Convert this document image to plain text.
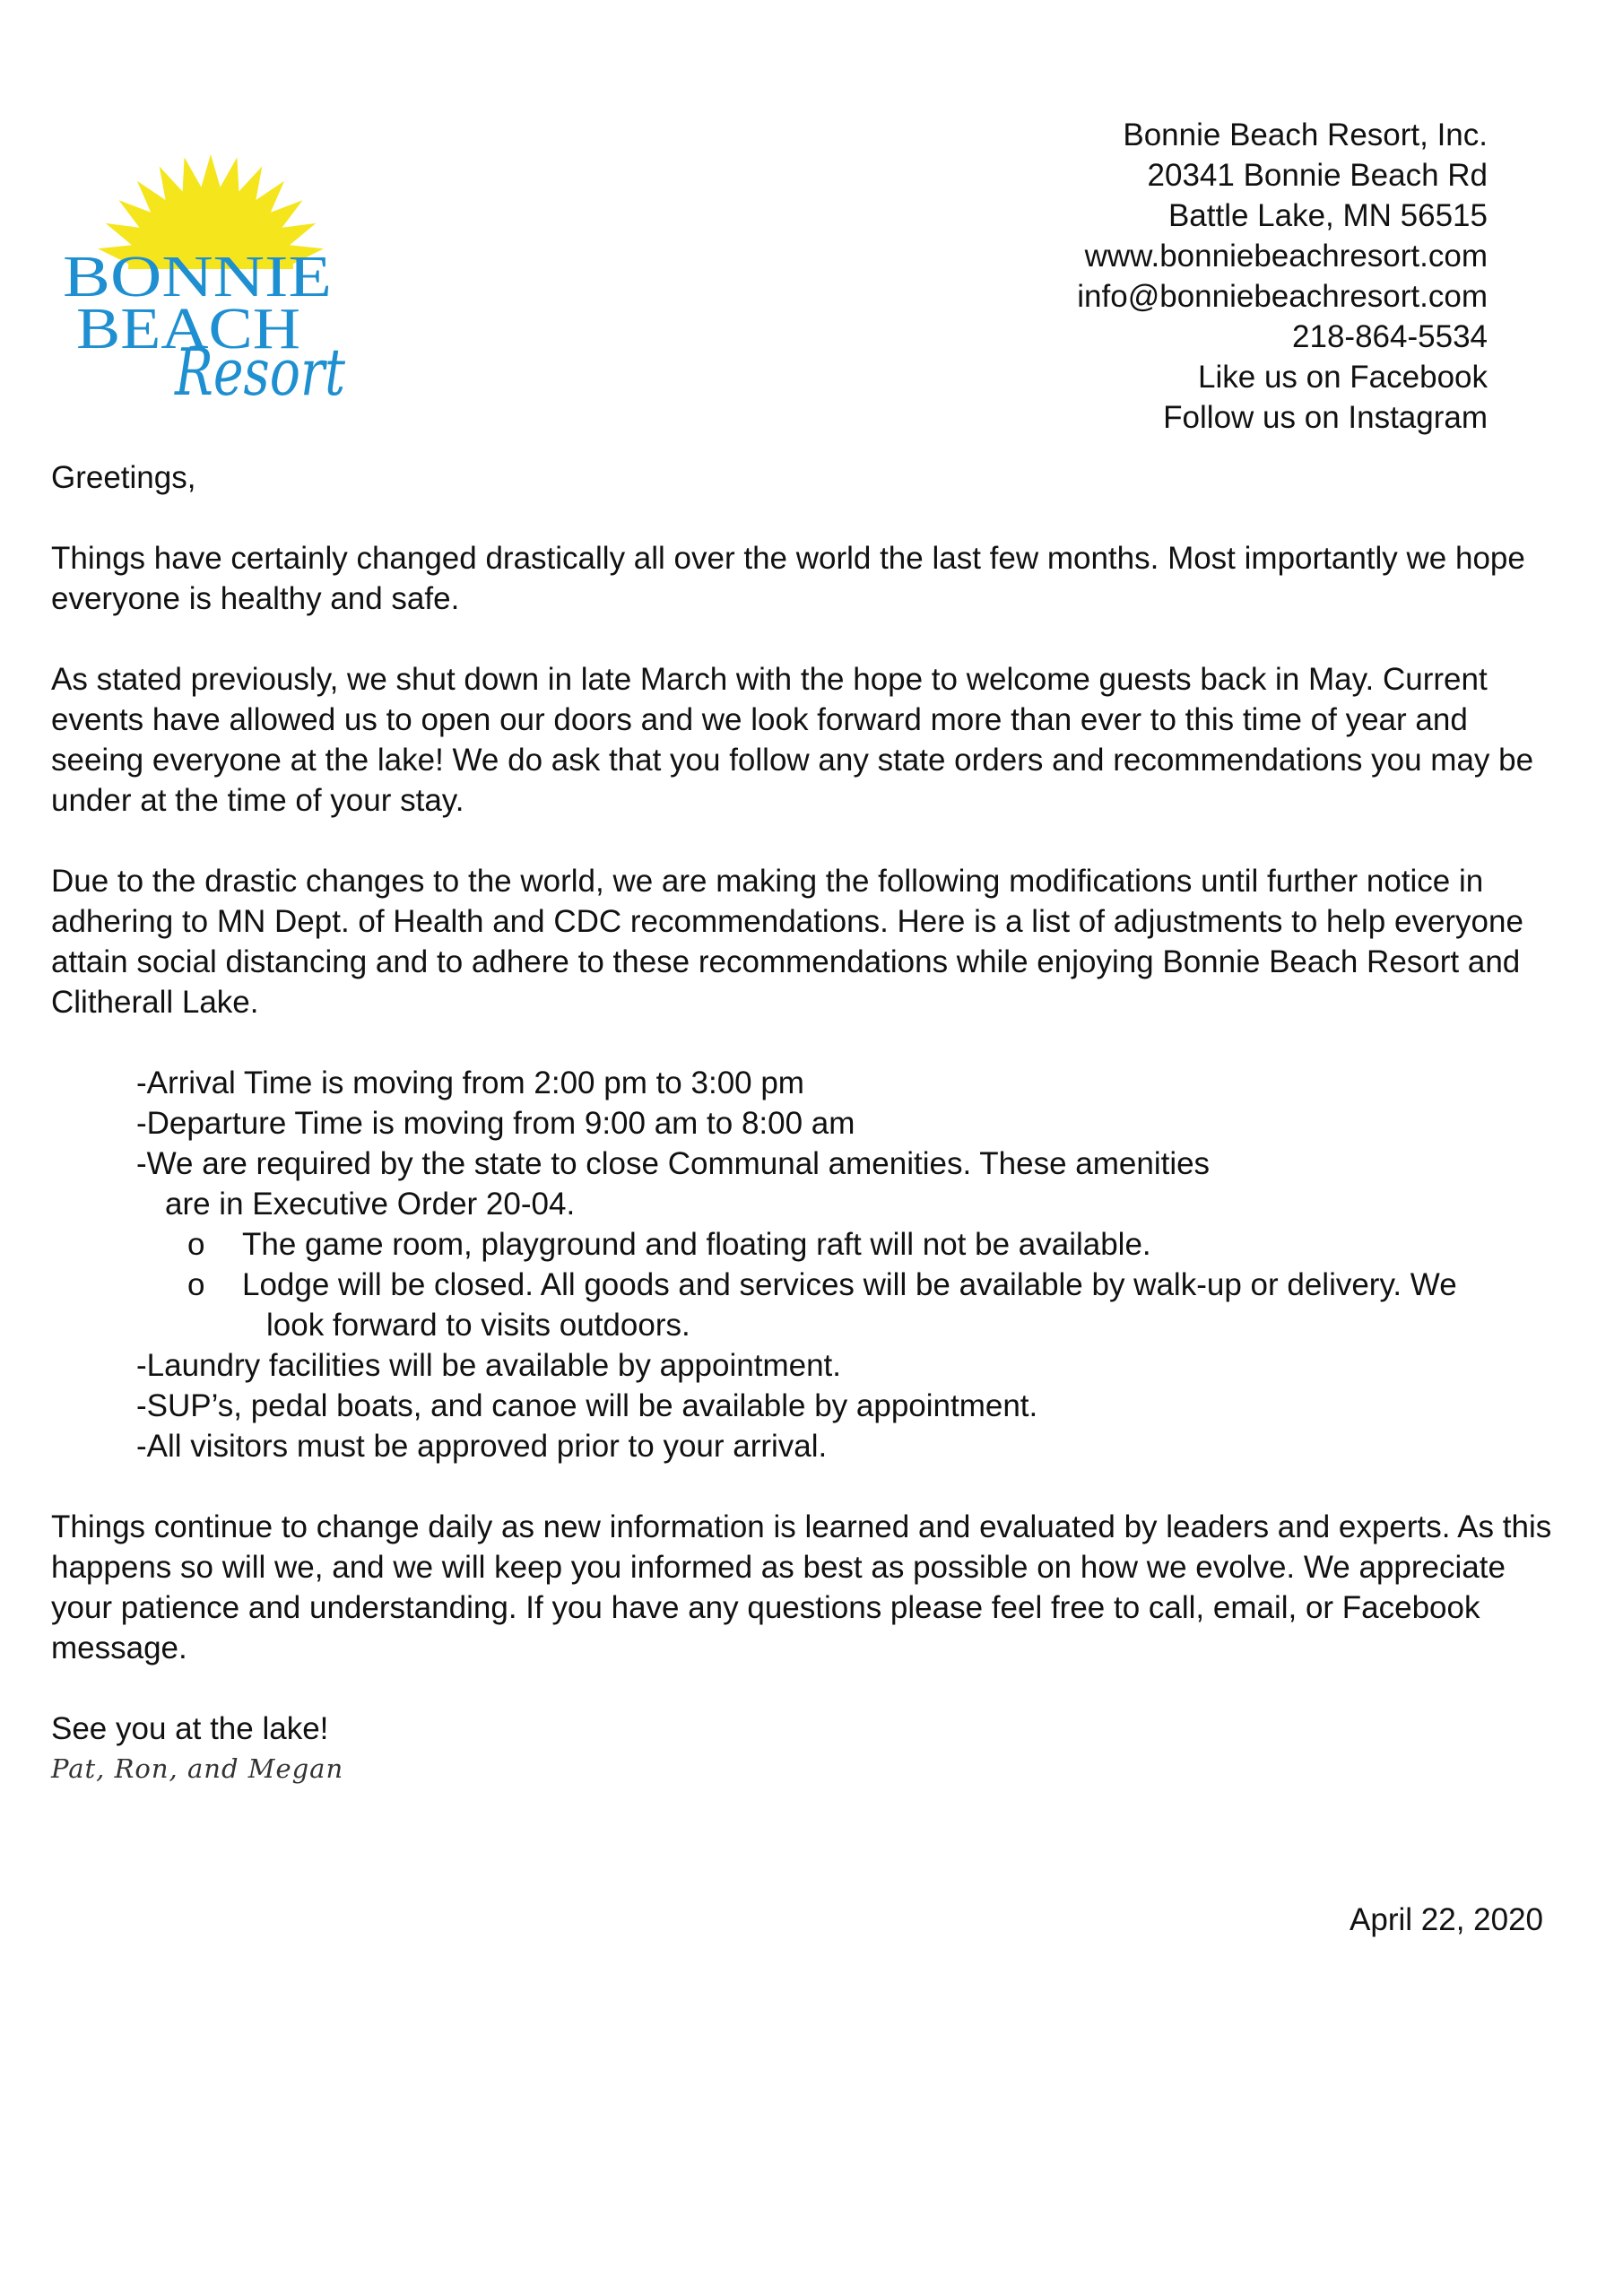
BONNIE
BEACH
Resort
Bonnie Beach Resort, Inc.
20341 Bonnie Beach Rd
Battle Lake, MN 56515
www.bonniebeachresort.com
info@bonniebeachresort.com
218-864-5534
Like us on Facebook
Follow us on Instagram

Greetings,

Things have certainly changed drastically all over the world the last few months. Most importantly we hope everyone is healthy and safe.

As stated previously, we shut down in late March with the hope to welcome guests back in May. Current events have allowed us to open our doors and we look forward more than ever to this time of year and seeing everyone at the lake! We do ask that you follow any state orders and recommendations you may be under at the time of your stay.

Due to the drastic changes to the world, we are making the following modifications until further notice in adhering to MN Dept. of Health and CDC recommendations. Here is a list of adjustments to help everyone attain social distancing and to adhere to these recommendations while enjoying Bonnie Beach Resort and Clitherall Lake.

-Arrival Time is moving from 2:00 pm to 3:00 pm
-Departure Time is moving from 9:00 am to 8:00 am
-We are required by the state to close Communal amenities. These amenities
are in Executive Order 20-04.
o The game room, playground and floating raft will not be available.
o Lodge will be closed. All goods and services will be available by walk-up or delivery. We
look forward to visits outdoors.
-Laundry facilities will be available by appointment.
-SUP’s, pedal boats, and canoe will be available by appointment.
-All visitors must be approved prior to your arrival.

Things continue to change daily as new information is learned and evaluated by leaders and experts. As this happens so will we, and we will keep you informed as best as possible on how we evolve. We appreciate your patience and understanding. If you have any questions please feel free to call, email, or Facebook message.

See you at the lake!

Pat, Ron, and Megan

April 22, 2020
